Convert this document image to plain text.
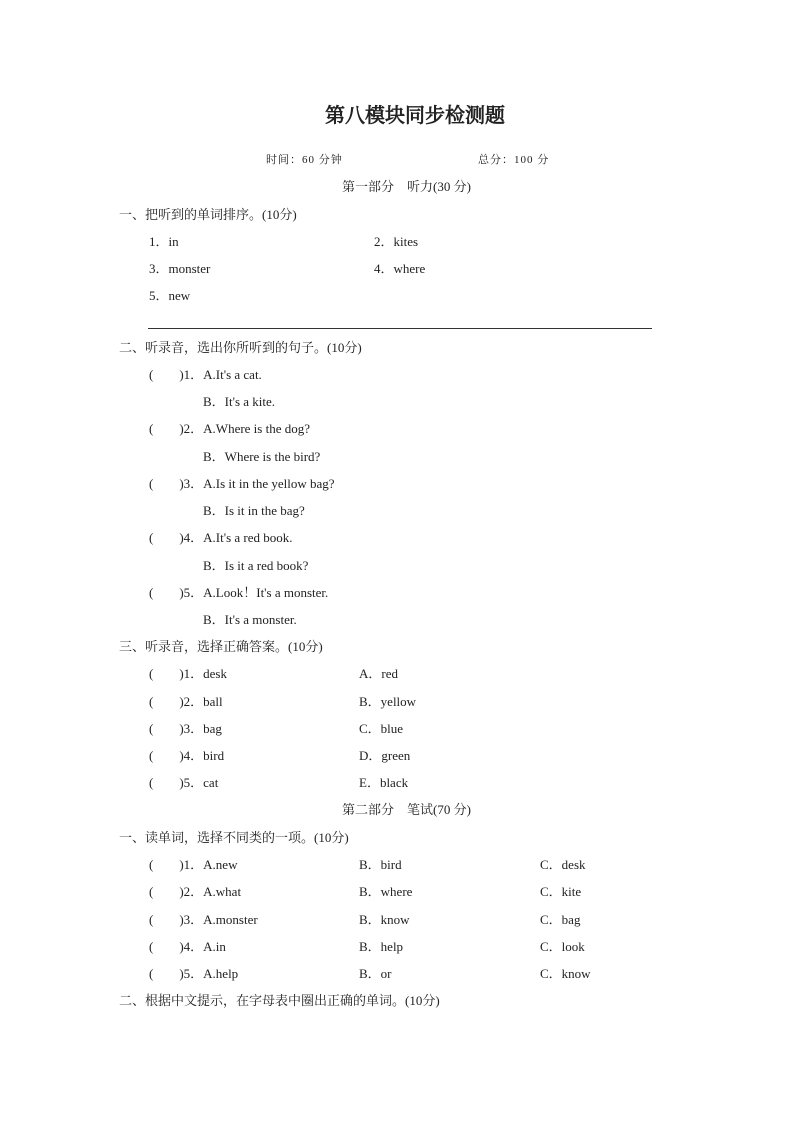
第八模块同步检测题
时间：60 分钟	总分：100 分
第一部分　听力(30 分)
一、把听到的单词排序。(10分)
1．in	2．kites
3．monster	4．where
5．new
二、听录音，选出你所听到的句子。(10分)
(　　)1．A.It's a cat.
B．It's a kite.
(　　)2．A.Where is the dog?
B．Where is the bird?
(　　)3．A.Is it in the yellow bag?
B．Is it in the bag?
(　　)4．A.It's a red book.
B．Is it a red book?
(　　)5．A.Look！It's a monster.
B．It's a monster.
三、听录音，选择正确答案。(10分)
(　　)1．desk	A．red
(　　)2．ball	B．yellow
(　　)3．bag	C．blue
(　　)4．bird	D．green
(　　)5．cat	E．black
第二部分　笔试(70 分)
一、读单词，选择不同类的一项。(10分)
(　　)1．A.new	B．bird	C．desk
(　　)2．A.what	B．where	C．kite
(　　)3．A.monster	B．know	C．bag
(　　)4．A.in	B．help	C．look
(　　)5．A.help	B．or	C．know
二、根据中文提示，在字母表中圈出正确的单词。(10分)
